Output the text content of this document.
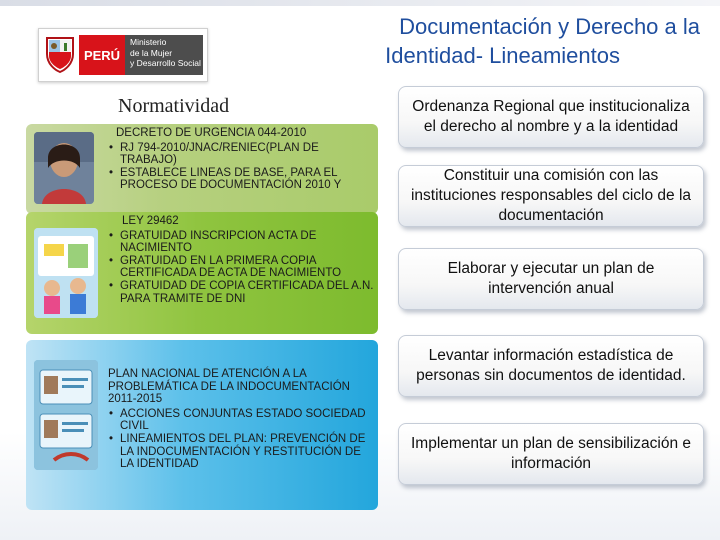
PERÚ
Ministerio
de la Mujer
y Desarrollo Social
Documentación y Derecho a la
Identidad- Lineamientos
Normatividad
DECRETO DE URGENCIA 044-2010
• RJ 794-2010/JNAC/RENIEC(PLAN DE TRABAJO)
• ESTABLECE LINEAS DE BASE, PARA EL PROCESO DE DOCUMENTACIÓN 2010 Y
LEY 29462
• GRATUIDAD INSCRIPCION ACTA DE NACIMIENTO
• GRATUIDAD EN LA PRIMERA COPIA CERTIFICADA DE ACTA DE NACIMIENTO
• GRATUIDAD DE COPIA CERTIFICADA DEL A.N. PARA TRAMITE DE DNI
PLAN NACIONAL DE ATENCIÓN A LA PROBLEMÁTICA DE LA INDOCUMENTACIÓN 2011-2015
• ACCIONES CONJUNTAS ESTADO SOCIEDAD CIVIL
• LINEAMIENTOS DEL PLAN: PREVENCIÓN DE LA INDOCUMENTACIÓN Y RESTITUCIÓN DE LA IDENTIDAD
Ordenanza Regional que institucionaliza el derecho al nombre y a la identidad
Constituir una comisión con las instituciones responsables del ciclo de la documentación
Elaborar y ejecutar un plan de intervención anual
Levantar información estadística de personas sin documentos de identidad.
Implementar un plan de sensibilización e información
